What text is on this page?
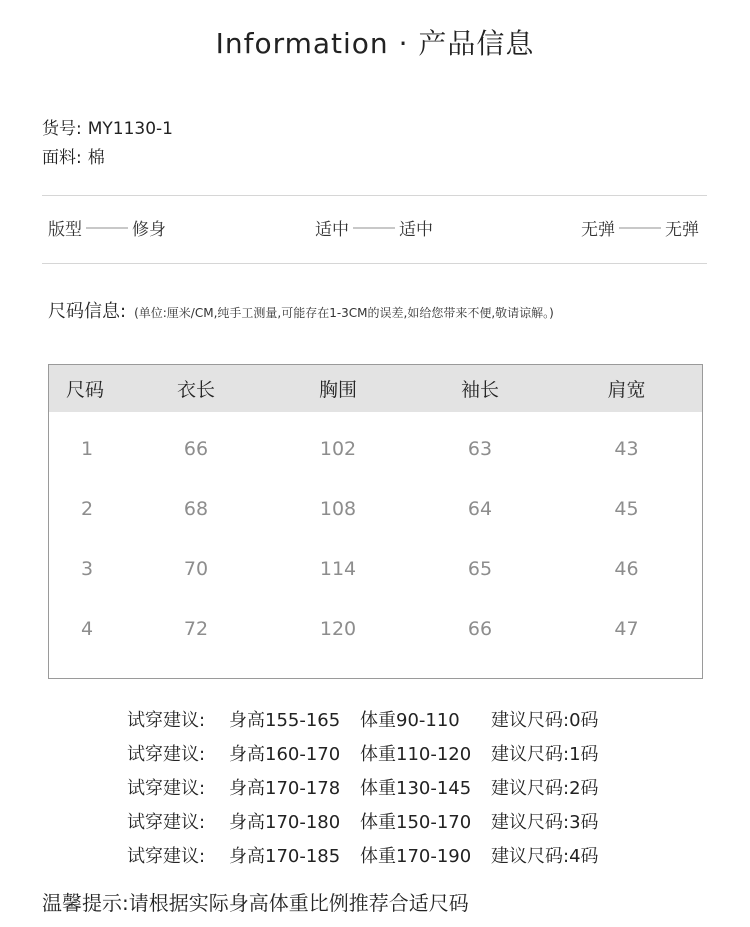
Information · 产品信息
货号: MY1130-1
面料: 棉
版型	修身	适中	适中	无弹	无弹
尺码信息: (单位:厘米/CM,纯手工测量,可能存在1-3CM的误差,如给您带来不便,敬请谅解。)
尺码	衣长	胸围	袖长	肩宽
1	66	102	63	43
2	68	108	64	45
3	70	114	65	46
4	72	120	66	47
试穿建议: 身高155-165 体重90-110 建议尺码:0码
试穿建议: 身高160-170 体重110-120 建议尺码:1码
试穿建议: 身高170-178 体重130-145 建议尺码:2码
试穿建议: 身高170-180 体重150-170 建议尺码:3码
试穿建议: 身高170-185 体重170-190 建议尺码:4码
温馨提示:请根据实际身高体重比例推荐合适尺码
